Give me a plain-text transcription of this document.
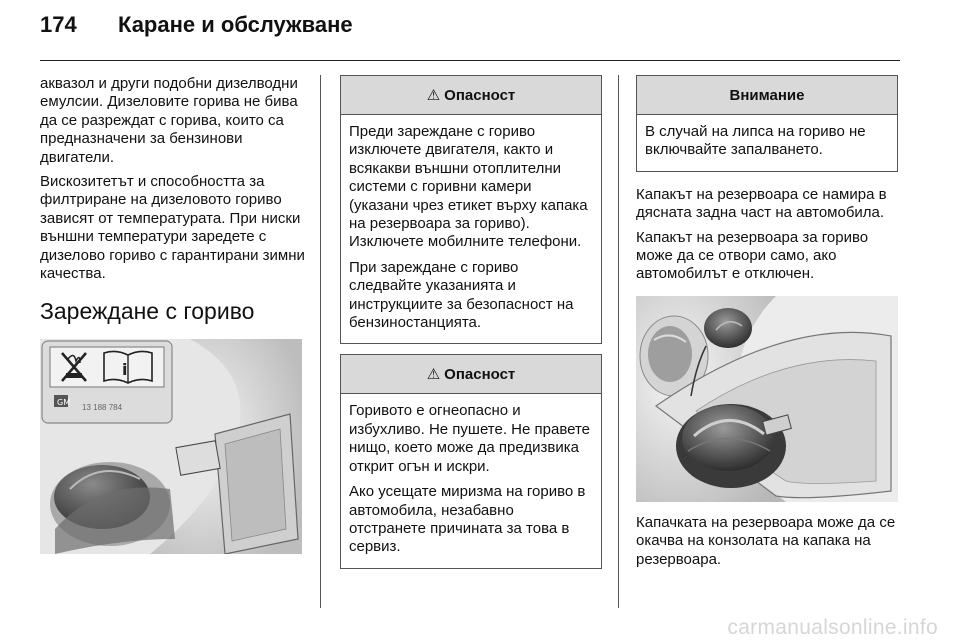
174 Каране и обслужване

аквазол и други подобни дизелводни емулсии. Дизеловите горива не бива да се разреждат с горива, които са предназначени за бензинови двигатели.

Вискозитетът и способността за филтриране на дизеловото гориво зависят от температурата. При ниски външни температури заредете с дизелово гориво с гарантирани зимни качества.

Зареждане с гориво
i
GM
13 188 784
⚠ Опасност

Преди зареждане с гориво изключете двигателя, както и всякакви външни отоплителни системи с горивни камери (указани чрез етикет върху капака на резервоара за гориво). Изключете мобилните телефони.

При зареждане с гориво следвайте указанията и инструкциите за безопасност на бензиностанцията.

⚠ Опасност

Горивото е огнеопасно и избухливо. Не пушете. Не правете нищо, което може да предизвика открит огън и искри.

Ако усещате миризма на гориво в автомобила, незабавно отстранете причината за това в сервиз.

Внимание

В случай на липса на гориво не включвайте запалването.

Капакът на резервоара се намира в дясната задна част на автомобила.

Капакът на резервоара за гориво може да се отвори само, ако автомобилът е отключен.

Капачката на резервоара може да се окачва на конзолата на капака на резервоара.

carmanualsonline.info
